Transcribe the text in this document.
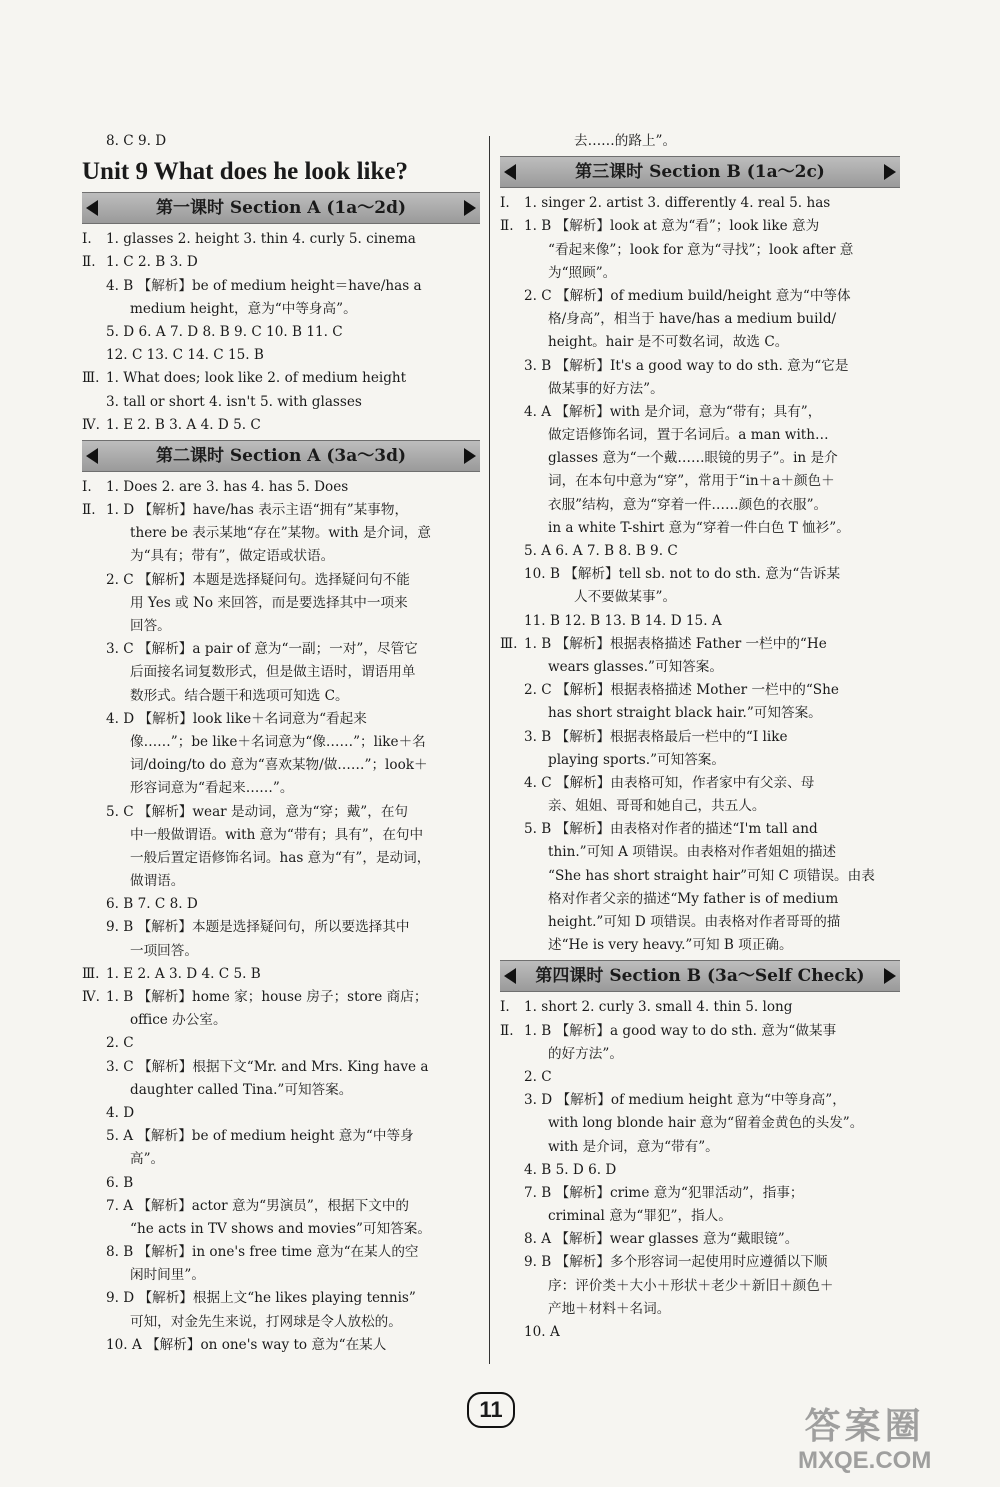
8. C 9. D
Unit 9 What does he look like?
第一课时 Section A (1a～2d)
Ⅰ. 1. glasses 2. height 3. thin 4. curly 5. cinema
Ⅱ. 1. C 2. B 3. D
4. B 【解析】be of medium height＝have/has a
medium height，意为“中等身高”。
5. D 6. A 7. D 8. B 9. C 10. B 11. C
12. C 13. C 14. C 15. B
Ⅲ. 1. What does; look like 2. of medium height
3. tall or short 4. isn't 5. with glasses
Ⅳ. 1. E 2. B 3. A 4. D 5. C
第二课时 Section A (3a～3d)
Ⅰ. 1. Does 2. are 3. has 4. has 5. Does
Ⅱ. 1. D 【解析】have/has 表示主语“拥有”某事物，
there be 表示某地“存在”某物。with 是介词，意
为“具有；带有”，做定语或状语。
2. C 【解析】本题是选择疑问句。选择疑问句不能
用 Yes 或 No 来回答，而是要选择其中一项来
回答。
3. C 【解析】a pair of 意为“一副；一对”，尽管它
后面接名词复数形式，但是做主语时，谓语用单
数形式。结合题干和选项可知选 C。
4. D 【解析】look like＋名词意为“看起来
像……”；be like＋名词意为“像……”；like＋名
词/doing/to do 意为“喜欢某物/做……”；look＋
形容词意为“看起来……”。
5. C 【解析】wear 是动词，意为“穿；戴”，在句
中一般做谓语。with 意为“带有；具有”，在句中
一般后置定语修饰名词。has 意为“有”，是动词，
做谓语。
6. B 7. C 8. D
9. B 【解析】本题是选择疑问句，所以要选择其中
一项回答。
Ⅲ. 1. E 2. A 3. D 4. C 5. B
Ⅳ. 1. B 【解析】home 家；house 房子；store 商店；
office 办公室。
2. C
3. C 【解析】根据下文“Mr. and Mrs. King have a
daughter called Tina.”可知答案。
4. D
5. A 【解析】be of medium height 意为“中等身
高”。
6. B
7. A 【解析】actor 意为“男演员”，根据下文中的
“he acts in TV shows and movies”可知答案。
8. B 【解析】in one's free time 意为“在某人的空
闲时间里”。
9. D 【解析】根据上文“he likes playing tennis”
可知，对金先生来说，打网球是令人放松的。
10. A 【解析】on one's way to 意为“在某人
去……的路上”。
第三课时 Section B (1a～2c)
Ⅰ. 1. singer 2. artist 3. differently 4. real 5. has
Ⅱ. 1. B 【解析】look at 意为“看”；look like 意为
“看起来像”；look for 意为“寻找”；look after 意
为“照顾”。
2. C 【解析】of medium build/height 意为“中等体
格/身高”，相当于 have/has a medium build/
height。hair 是不可数名词，故选 C。
3. B 【解析】It's a good way to do sth. 意为“它是
做某事的好方法”。
4. A 【解析】with 是介词，意为“带有；具有”，
做定语修饰名词，置于名词后。a man with…
glasses 意为“一个戴……眼镜的男子”。in 是介
词，在本句中意为“穿”，常用于“in＋a＋颜色＋
衣服”结构，意为“穿着一件……颜色的衣服”。
in a white T-shirt 意为“穿着一件白色 T 恤衫”。
5. A 6. A 7. B 8. B 9. C
10. B 【解析】tell sb. not to do sth. 意为“告诉某
人不要做某事”。
11. B 12. B 13. B 14. D 15. A
Ⅲ. 1. B 【解析】根据表格描述 Father 一栏中的“He
wears glasses.”可知答案。
2. C 【解析】根据表格描述 Mother 一栏中的“She
has short straight black hair.”可知答案。
3. B 【解析】根据表格最后一栏中的“I like
playing sports.”可知答案。
4. C 【解析】由表格可知，作者家中有父亲、母
亲、姐姐、哥哥和她自己，共五人。
5. B 【解析】由表格对作者的描述“I'm tall and
thin.”可知 A 项错误。由表格对作者姐姐的描述
“She has short straight hair”可知 C 项错误。由表
格对作者父亲的描述“My father is of medium
height.”可知 D 项错误。由表格对作者哥哥的描
述“He is very heavy.”可知 B 项正确。
第四课时 Section B (3a～Self Check)
Ⅰ. 1. short 2. curly 3. small 4. thin 5. long
Ⅱ. 1. B 【解析】a good way to do sth. 意为“做某事
的好方法”。
2. C
3. D 【解析】of medium height 意为“中等身高”，
with long blonde hair 意为“留着金黄色的头发”。
with 是介词，意为“带有”。
4. B 5. D 6. D
7. B 【解析】crime 意为“犯罪活动”，指事；
criminal 意为“罪犯”，指人。
8. A 【解析】wear glasses 意为“戴眼镜”。
9. B 【解析】多个形容词一起使用时应遵循以下顺
序：评价类＋大小＋形状＋老少＋新旧＋颜色＋
产地＋材料＋名词。
10. A
11	答案圈
MXQE.COM
